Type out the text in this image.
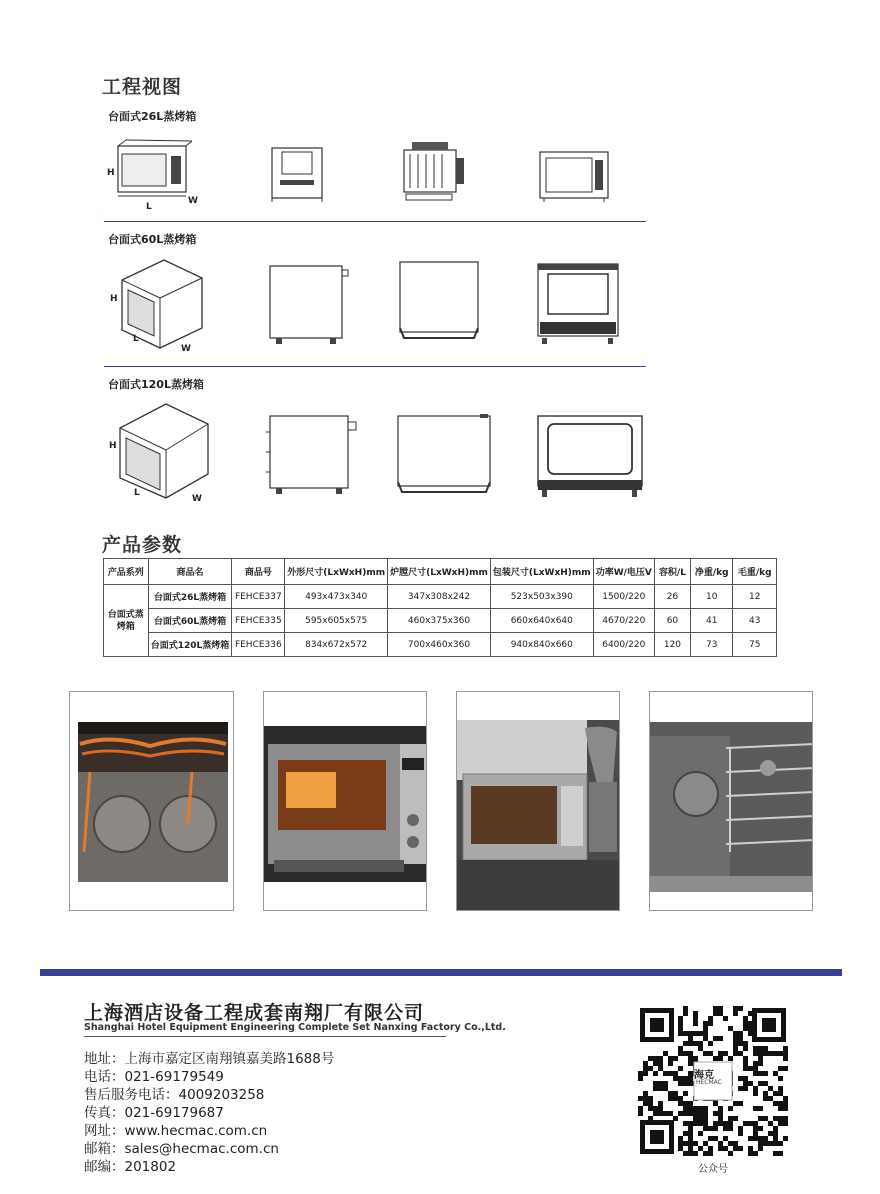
工程视图
台面式26L蒸烤箱
H
L
W
台面式60L蒸烤箱
H
L
W
台面式120L蒸烤箱
H
L
W
产品参数
产品系列	商品名	商品号	外形尺寸(LxWxH)mm	炉膛尺寸(LxWxH)mm	包装尺寸(LxWxH)mm	功率W/电压V	容积/L	净重/kg	毛重/kg
台面式蒸烤箱	台面式26L蒸烤箱	FEHCE337	493x473x340	347x308x242	523x503x390	1500/220	26	10	12
	台面式60L蒸烤箱	FEHCE335	595x605x575	460x375x360	660x640x640	4670/220	60	41	43
	台面式120L蒸烤箱	FEHCE336	834x672x572	700x460x360	940x840x660	6400/220	120	73	75
上海酒店设备工程成套南翔厂有限公司
Shanghai Hotel Equipment Engineering Complete Set Nanxing Factory Co.,Ltd.
地址：上海市嘉定区南翔镇嘉美路1688号
电话：021-69179549
售后服务电话：4009203258
传真：021-69179687
网址：www.hecmac.com.cn
邮箱：sales@hecmac.com.cn
邮编：201802
海克
HECMAC
公众号
